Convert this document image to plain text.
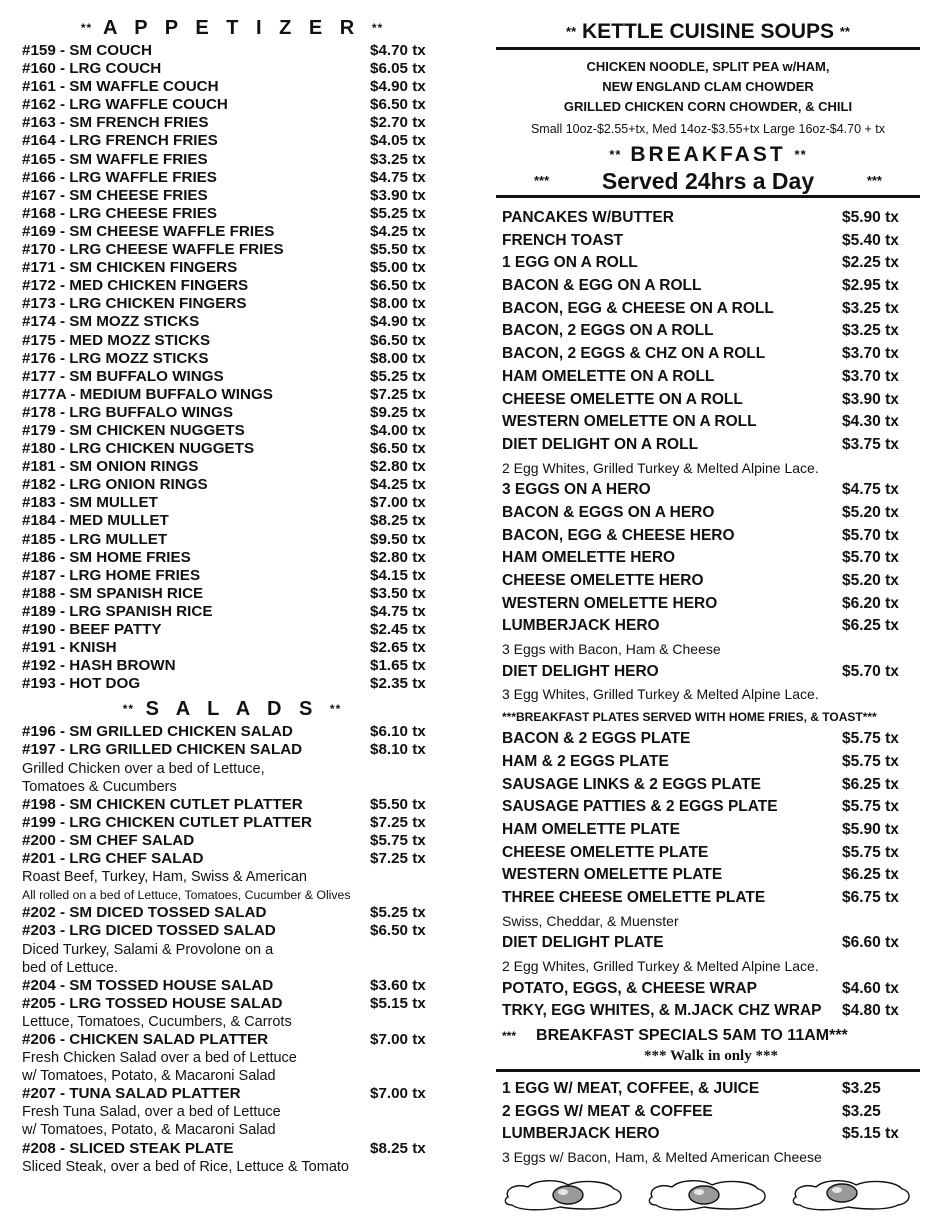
** A P P E T I Z E R **
#159 - SM COUCH	$4.70 tx
#160 - LRG COUCH	$6.05 tx
#161 - SM WAFFLE COUCH	$4.90 tx
#162 - LRG WAFFLE COUCH	$6.50 tx
#163 - SM FRENCH FRIES	$2.70 tx
#164 - LRG FRENCH FRIES	$4.05 tx
#165 - SM WAFFLE FRIES	$3.25 tx
#166 - LRG WAFFLE FRIES	$4.75 tx
#167 - SM CHEESE FRIES	$3.90 tx
#168 - LRG CHEESE FRIES	$5.25 tx
#169 - SM CHEESE WAFFLE FRIES	$4.25 tx
#170 - LRG CHEESE WAFFLE FRIES	$5.50 tx
#171 - SM CHICKEN FINGERS	$5.00 tx
#172 - MED CHICKEN FINGERS	$6.50 tx
#173 - LRG CHICKEN FINGERS	$8.00 tx
#174 - SM MOZZ STICKS	$4.90 tx
#175 - MED MOZZ STICKS	$6.50 tx
#176 - LRG MOZZ STICKS	$8.00 tx
#177 - SM BUFFALO WINGS	$5.25 tx
#177A - MEDIUM BUFFALO WINGS	$7.25 tx
#178 - LRG BUFFALO WINGS	$9.25 tx
#179 - SM CHICKEN NUGGETS	$4.00 tx
#180 - LRG CHICKEN NUGGETS	$6.50 tx
#181 - SM ONION RINGS	$2.80 tx
#182 - LRG ONION RINGS	$4.25 tx
#183 - SM MULLET	$7.00 tx
#184 - MED MULLET	$8.25 tx
#185 - LRG MULLET	$9.50 tx
#186 - SM HOME FRIES	$2.80 tx
#187 - LRG HOME FRIES	$4.15 tx
#188 - SM SPANISH RICE	$3.50 tx
#189 - LRG SPANISH RICE	$4.75 tx
#190 - BEEF PATTY	$2.45 tx
#191 - KNISH	$2.65 tx
#192 - HASH BROWN	$1.65 tx
#193 - HOT DOG	$2.35 tx
** S A L A D S **
#196 - SM GRILLED CHICKEN SALAD	$6.10 tx
#197 - LRG GRILLED CHICKEN SALAD	$8.10 tx
Grilled Chicken over a bed of Lettuce,
Tomatoes & Cucumbers
#198 - SM CHICKEN CUTLET PLATTER	$5.50 tx
#199 - LRG CHICKEN CUTLET PLATTER	$7.25 tx
#200 - SM CHEF SALAD	$5.75 tx
#201 - LRG CHEF SALAD	$7.25 tx
Roast Beef, Turkey, Ham, Swiss & American
All rolled on a bed of Lettuce, Tomatoes, Cucumber & Olives
#202 - SM DICED TOSSED SALAD	$5.25 tx
#203 - LRG DICED TOSSED SALAD	$6.50 tx
Diced Turkey, Salami & Provolone on a
bed of Lettuce.
#204 - SM TOSSED HOUSE SALAD	$3.60 tx
#205 - LRG TOSSED HOUSE SALAD	$5.15 tx
Lettuce, Tomatoes, Cucumbers, & Carrots
#206 - CHICKEN SALAD PLATTER	$7.00 tx
Fresh Chicken Salad over a bed of Lettuce
w/ Tomatoes, Potato, & Macaroni Salad
#207 - TUNA SALAD PLATTER	$7.00 tx
Fresh Tuna Salad, over a bed of Lettuce
w/ Tomatoes, Potato, & Macaroni Salad
#208 - SLICED STEAK PLATE	$8.25 tx
Sliced Steak, over a bed of Rice, Lettuce & Tomato
** KETTLE CUISINE SOUPS **
CHICKEN NOODLE, SPLIT PEA w/HAM,
NEW ENGLAND CLAM CHOWDER
GRILLED CHICKEN CORN CHOWDER, & CHILI
Small 10oz-$2.55+tx, Med 14oz-$3.55+tx Large 16oz-$4.70 + tx
** BREAKFAST **
*** Served 24hrs a Day	***
PANCAKES W/BUTTER	$5.90 tx
FRENCH TOAST	$5.40 tx
1 EGG ON A ROLL	$2.25 tx
BACON & EGG ON A ROLL	$2.95 tx
BACON, EGG & CHEESE ON A ROLL	$3.25 tx
BACON, 2 EGGS ON A ROLL	$3.25 tx
BACON, 2 EGGS & CHZ ON A ROLL	$3.70 tx
HAM OMELETTE ON A ROLL	$3.70 tx
CHEESE OMELETTE ON A ROLL	$3.90 tx
WESTERN OMELETTE ON A ROLL	$4.30 tx
DIET DELIGHT ON A ROLL	$3.75 tx
2 Egg Whites, Grilled Turkey & Melted Alpine Lace.
3 EGGS ON A HERO	$4.75 tx
BACON & EGGS ON A HERO	$5.20 tx
BACON, EGG & CHEESE HERO	$5.70 tx
HAM OMELETTE HERO	$5.70 tx
CHEESE OMELETTE HERO	$5.20 tx
WESTERN OMELETTE HERO	$6.20 tx
LUMBERJACK HERO	$6.25 tx
3 Eggs with Bacon, Ham & Cheese
DIET DELIGHT HERO	$5.70 tx
3 Egg Whites, Grilled Turkey & Melted Alpine Lace.
***BREAKFAST PLATES SERVED WITH HOME FRIES, & TOAST***
BACON & 2 EGGS PLATE	$5.75 tx
HAM & 2 EGGS PLATE	$5.75 tx
SAUSAGE LINKS & 2 EGGS PLATE	$6.25 tx
SAUSAGE PATTIES & 2 EGGS PLATE	$5.75 tx
HAM OMELETTE PLATE	$5.90 tx
CHEESE OMELETTE PLATE	$5.75 tx
WESTERN OMELETTE PLATE	$6.25 tx
THREE CHEESE OMELETTE PLATE	$6.75 tx
Swiss, Cheddar, & Muenster
DIET DELIGHT PLATE	$6.60 tx
2 Egg Whites, Grilled Turkey & Melted Alpine Lace.
POTATO, EGGS, & CHEESE WRAP	$4.60 tx
TRKY, EGG WHITES, & M.JACK CHZ WRAP $4.80 tx
*** BREAKFAST SPECIALS 5AM TO 11AM***
*** Walk in only ***
1 EGG W/ MEAT, COFFEE, & JUICE	$3.25
2 EGGS W/ MEAT & COFFEE	$3.25
LUMBERJACK HERO	$5.15 tx
3 Eggs w/ Bacon, Ham, & Melted American Cheese
